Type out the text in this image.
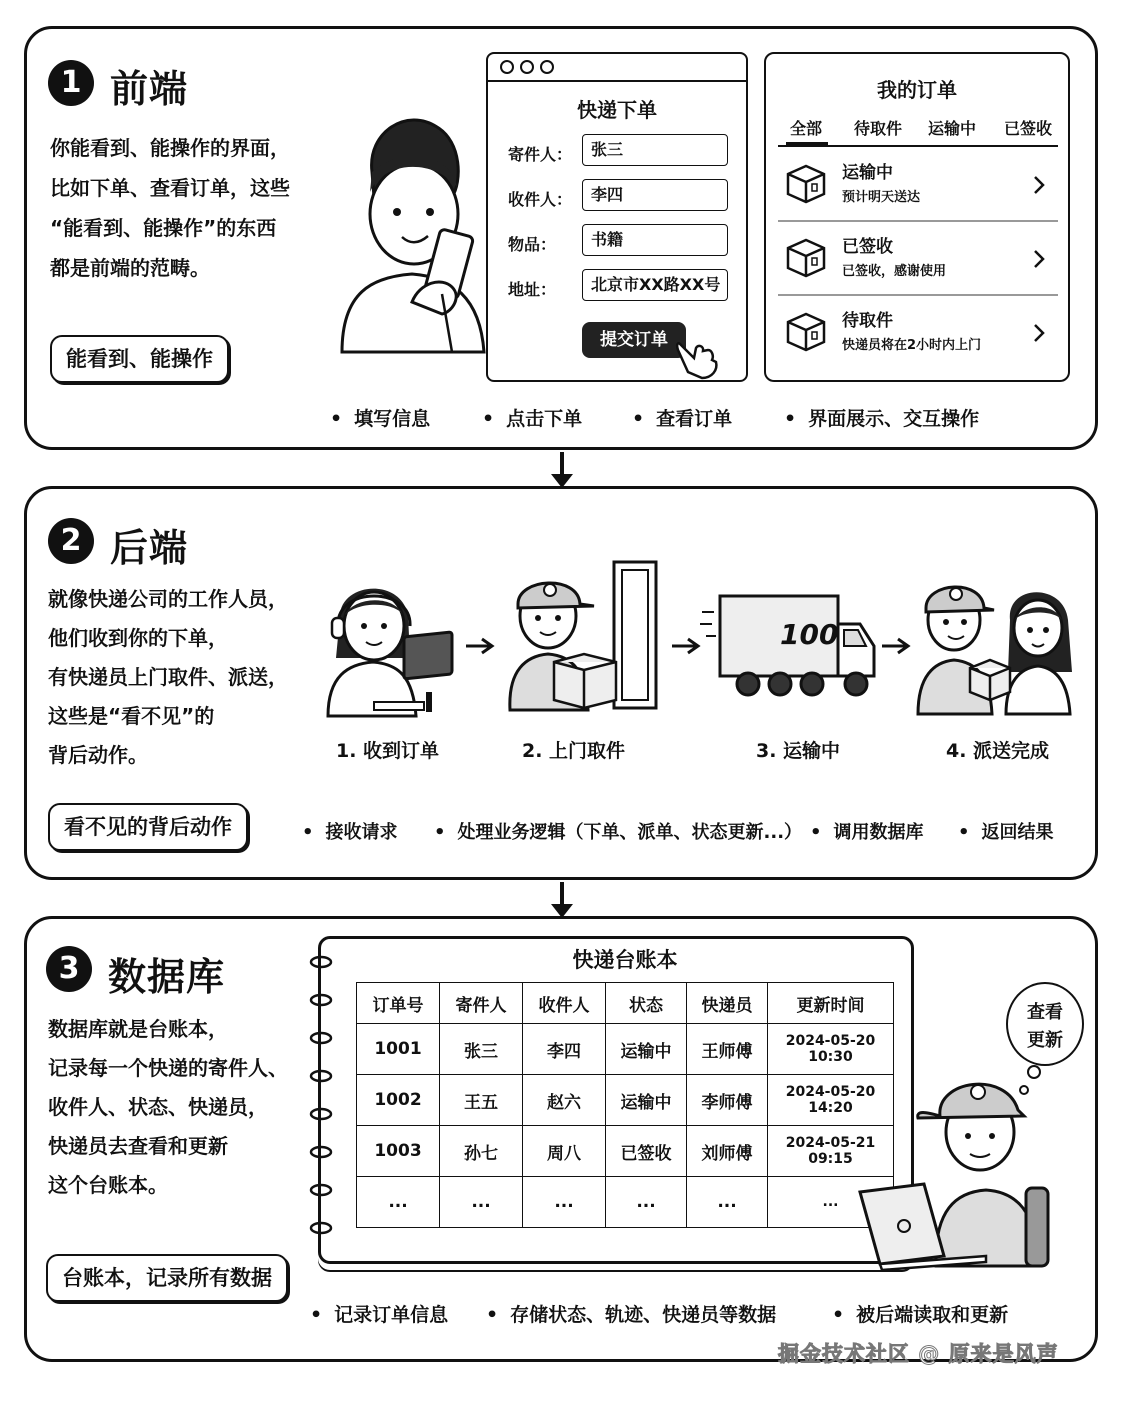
1 前端
你能看到、能操作的界面，
比如下单、查看订单，这些
“能看到、能操作”的东西
都是前端的范畴。
能看到、能操作
快递下单
寄件人：	张三
收件人：	李四
物品：	书籍
地址：	北京市XX路XX号
提交订单
我的订单
全部 待取件 运输中 已签收
运输中
预计明天送达
已签收
已签收，感谢使用
待取件
快递员将在2小时内上门
• 填写信息	• 点击下单	• 查看订单	• 界面展示、交互操作
2 后端
就像快递公司的工作人员，
他们收到你的下单，
有快递员上门取件、派送，
这些是“看不见”的
背后动作。
看不见的背后动作
100
1. 收到订单	2. 上门取件	3. 运输中	4. 派送完成
• 接收请求	• 处理业务逻辑（下单、派单、状态更新...）	• 调用数据库	• 返回结果
3 数据库
数据库就是台账本，
记录每一个快递的寄件人、
收件人、状态、快递员，
快递员去查看和更新
这个台账本。
台账本，记录所有数据
快递台账本
订单号	寄件人	收件人	状态	快递员	更新时间
1001	张三	李四	运输中	王师傅	2024-05-20 10:30
1002	王五	赵六	运输中	李师傅	2024-05-20 14:20
1003	孙七	周八	已签收	刘师傅	2024-05-21 09:15
...	...	...	...	...	...
查看
更新
• 记录订单信息	• 存储状态、轨迹、快递员等数据	• 被后端读取和更新
掘金技术社区 @ 原来是风声
